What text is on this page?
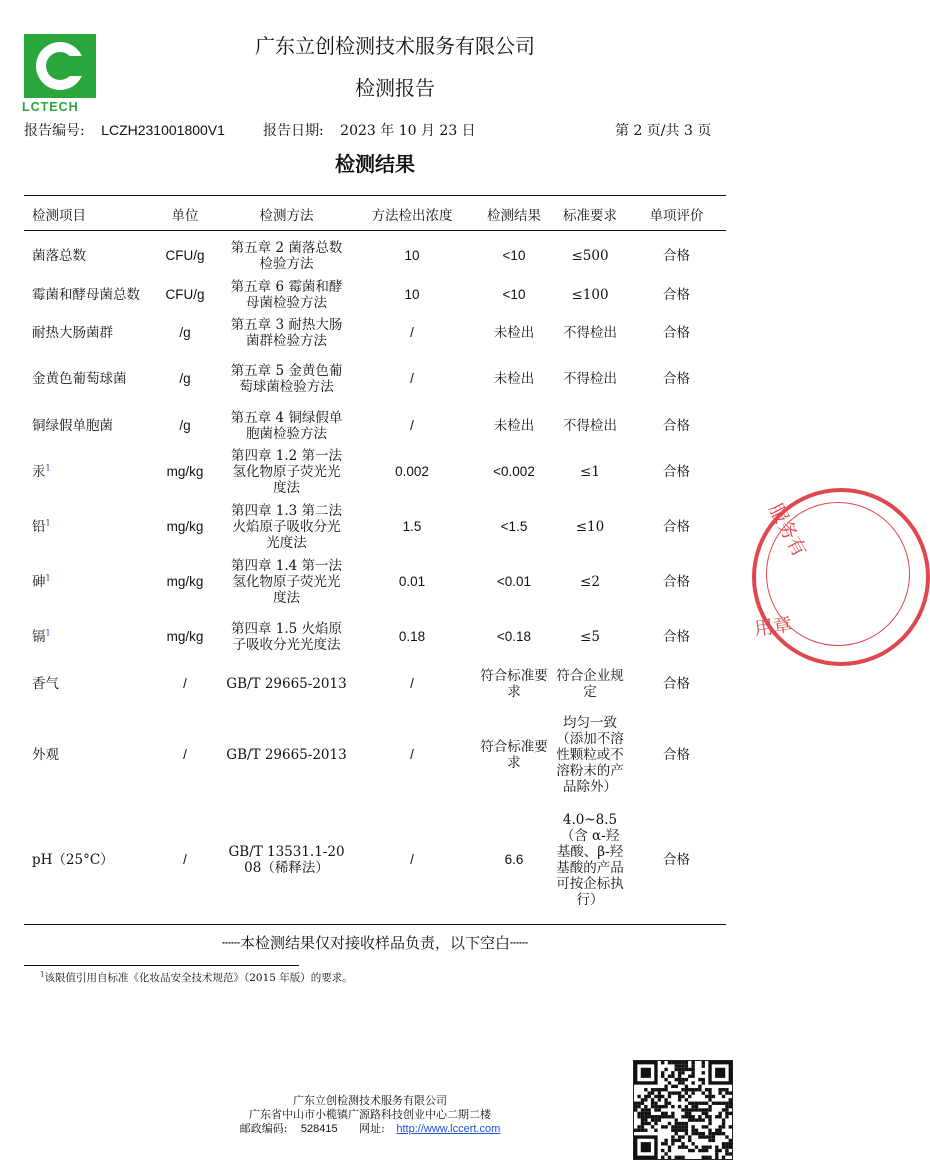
®
LCTECH
广东立创检测技术服务有限公司
检测报告
报告编号: LCZH231001800V1	报告日期: 2023 年 10 月 23 日	第 2 页/共 3 页
检测结果
检测项目	单位	检测方法	方法检出浓度	检测结果	标准要求	单项评价

菌落总数	CFU/g	第五章 2 菌落总数检验方法	10	<10	≤500	合格
霉菌和酵母菌总数	CFU/g	第五章 6 霉菌和酵母菌检验方法	10	<10	≤100	合格
耐热大肠菌群	/g	第五章 3 耐热大肠菌群检验方法	/	未检出	不得检出	合格
金黄色葡萄球菌	/g	第五章 5 金黄色葡萄球菌检验方法	/	未检出	不得检出	合格
铜绿假单胞菌	/g	第五章 4 铜绿假单胞菌检验方法	/	未检出	不得检出	合格
汞$^1$	mg/kg	第四章 1.2 第一法 氢化物原子荧光光度法	0.002	<0.002	≤1	合格
铅$^1$	mg/kg	第四章 1.3 第二法 火焰原子吸收分光光度法	1.5	<1.5	≤10	合格
砷$^1$	mg/kg	第四章 1.4 第一法 氢化物原子荧光光度法	0.01	<0.01	≤2	合格
镉$^1$	mg/kg	第四章 1.5 火焰原子吸收分光光度法	0.18	<0.18	≤5	合格
香气	/	GB/T 29665-2013	/	符合标准要求	符合企业规定	合格
外观	/	GB/T 29665-2013	/	符合标准要求	均匀一致（添加不溶性颗粒或不溶粉末的产品除外）	合格
pH（25°C）	/	GB/T 13531.1-2008（稀释法）	/	6.6	4.0~8.5（含 α-羟基酸、β-羟基酸的产品可按企标执行）	合格
┄┄本检测结果仅对接收样品负责，以下空白┄┄
$^1$该限值引用自标准《化妆品安全技术规范》（2015 年版）的要求。
广东立创检测技术服务有限公司
广东省中山市小榄镇广源路科技创业中心二期二楼
邮政编码: 528415 网址: http://www.lccert.com
服务有
用章
